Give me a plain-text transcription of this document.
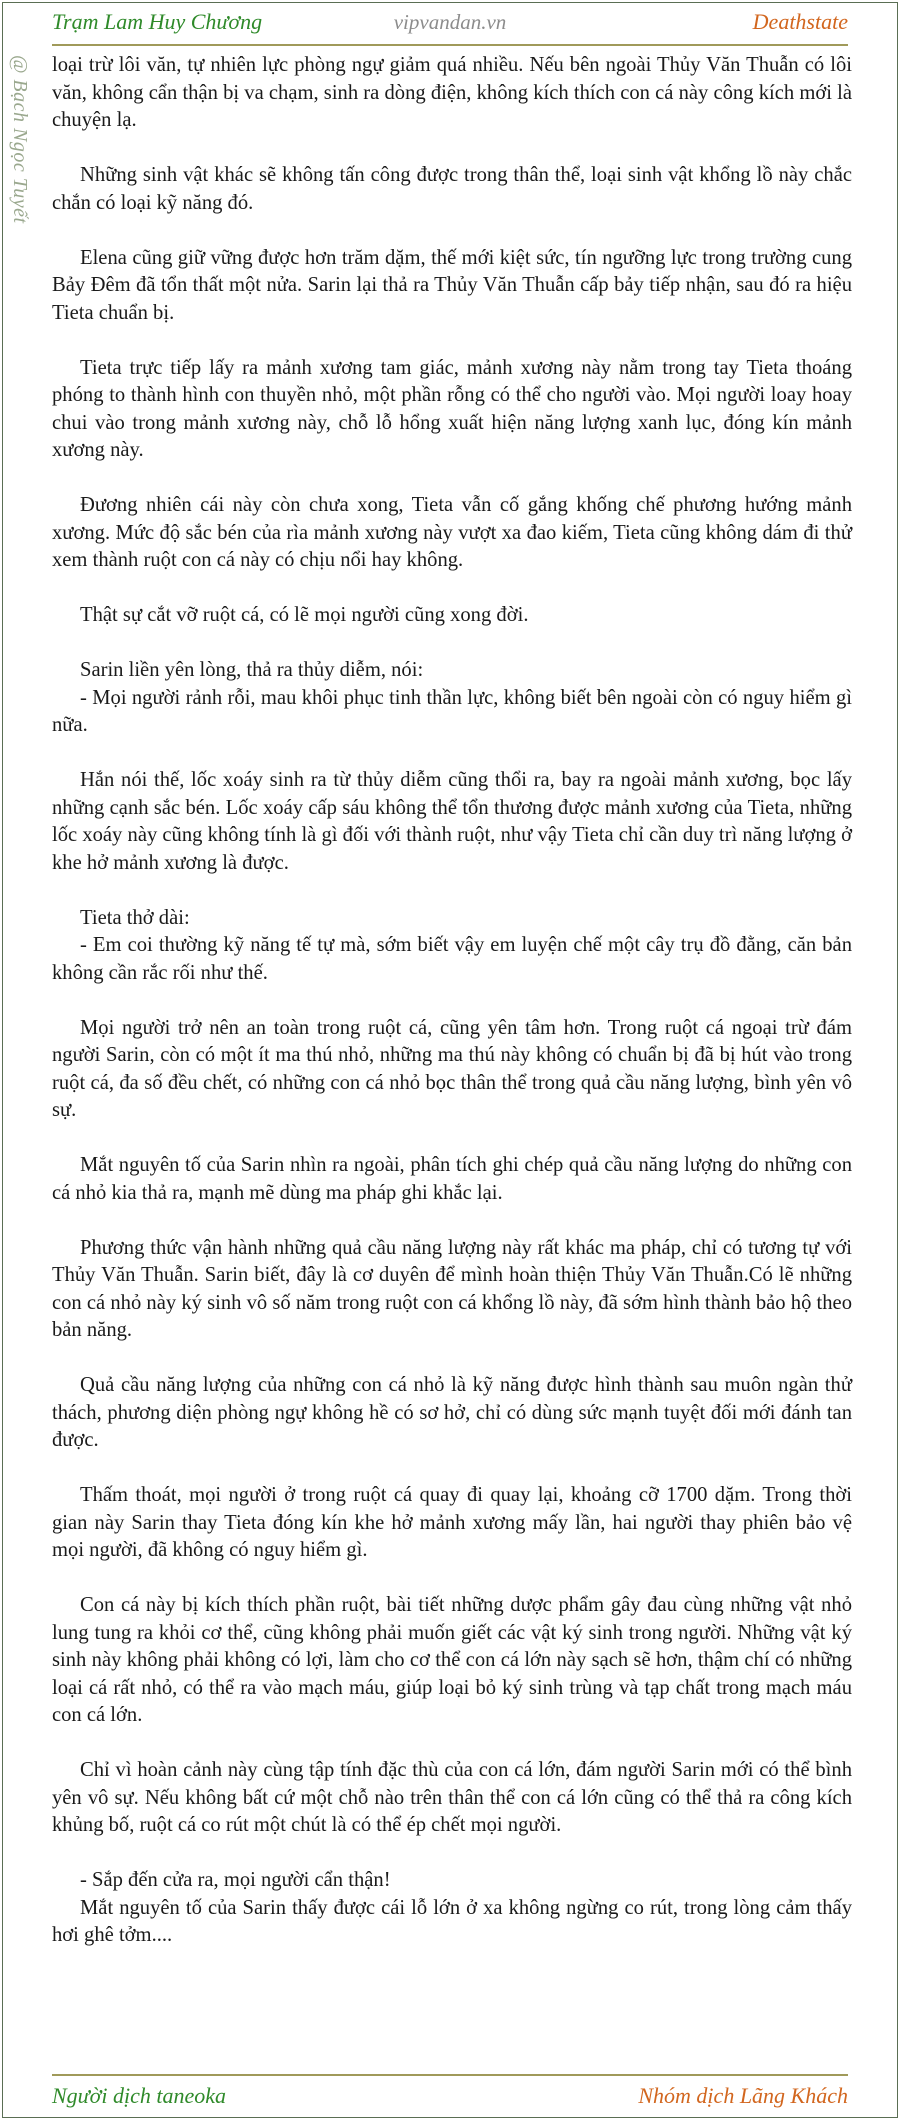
Trạm Lam Huy Chương	vipvandan.vn	Deathstate
@ Bạch Ngọc Tuyết loại trừ lôi văn, tự nhiên lực phòng ngự giảm quá nhiều. Nếu bên ngoài Thủy Văn Thuẫn có lôi văn, không cẩn thận bị va chạm, sinh ra dòng điện, không kích thích con cá này công kích mới là chuyện lạ.

Những sinh vật khác sẽ không tấn công được trong thân thể, loại sinh vật khổng lồ này chắc chắn có loại kỹ năng đó.

Elena cũng giữ vững được hơn trăm dặm, thế mới kiệt sức, tín ngưỡng lực trong trường cung Bảy Đêm đã tổn thất một nửa. Sarin lại thả ra Thủy Văn Thuẫn cấp bảy tiếp nhận, sau đó ra hiệu Tieta chuẩn bị.

Tieta trực tiếp lấy ra mảnh xương tam giác, mảnh xương này nằm trong tay Tieta thoáng phóng to thành hình con thuyền nhỏ, một phần rỗng có thể cho người vào. Mọi người loay hoay chui vào trong mảnh xương này, chỗ lỗ hổng xuất hiện năng lượng xanh lục, đóng kín mảnh xương này.

Đương nhiên cái này còn chưa xong, Tieta vẫn cố gắng khống chế phương hướng mảnh xương. Mức độ sắc bén của rìa mảnh xương này vượt xa đao kiếm, Tieta cũng không dám đi thử xem thành ruột con cá này có chịu nổi hay không.

Thật sự cắt vỡ ruột cá, có lẽ mọi người cũng xong đời.

Sarin liền yên lòng, thả ra thủy diễm, nói:

- Mọi người rảnh rỗi, mau khôi phục tinh thần lực, không biết bên ngoài còn có nguy hiểm gì nữa.

Hắn nói thế, lốc xoáy sinh ra từ thủy diễm cũng thổi ra, bay ra ngoài mảnh xương, bọc lấy những cạnh sắc bén. Lốc xoáy cấp sáu không thể tổn thương được mảnh xương của Tieta, những lốc xoáy này cũng không tính là gì đối với thành ruột, như vậy Tieta chỉ cần duy trì năng lượng ở khe hở mảnh xương là được.

Tieta thở dài:

- Em coi thường kỹ năng tế tự mà, sớm biết vậy em luyện chế một cây trụ đồ đằng, căn bản không cần rắc rối như thế.

Mọi người trở nên an toàn trong ruột cá, cũng yên tâm hơn. Trong ruột cá ngoại trừ đám người Sarin, còn có một ít ma thú nhỏ, những ma thú này không có chuẩn bị đã bị hút vào trong ruột cá, đa số đều chết, có những con cá nhỏ bọc thân thể trong quả cầu năng lượng, bình yên vô sự.

Mắt nguyên tố của Sarin nhìn ra ngoài, phân tích ghi chép quả cầu năng lượng do những con cá nhỏ kia thả ra, mạnh mẽ dùng ma pháp ghi khắc lại.

Phương thức vận hành những quả cầu năng lượng này rất khác ma pháp, chỉ có tương tự với Thủy Văn Thuẫn. Sarin biết, đây là cơ duyên để mình hoàn thiện Thủy Văn Thuẫn.Có lẽ những con cá nhỏ này ký sinh vô số năm trong ruột con cá khổng lồ này, đã sớm hình thành bảo hộ theo bản năng.

Quả cầu năng lượng của những con cá nhỏ là kỹ năng được hình thành sau muôn ngàn thử thách, phương diện phòng ngự không hề có sơ hở, chỉ có dùng sức mạnh tuyệt đối mới đánh tan được.

Thấm thoát, mọi người ở trong ruột cá quay đi quay lại, khoảng cỡ 1700 dặm. Trong thời gian này Sarin thay Tieta đóng kín khe hở mảnh xương mấy lần, hai người thay phiên bảo vệ mọi người, đã không có nguy hiểm gì.

Con cá này bị kích thích phần ruột, bài tiết những dược phẩm gây đau cùng những vật nhỏ lung tung ra khỏi cơ thể, cũng không phải muốn giết các vật ký sinh trong người. Những vật ký sinh này không phải không có lợi, làm cho cơ thể con cá lớn này sạch sẽ hơn, thậm chí có những loại cá rất nhỏ, có thể ra vào mạch máu, giúp loại bỏ ký sinh trùng và tạp chất trong mạch máu con cá lớn.

Chỉ vì hoàn cảnh này cùng tập tính đặc thù của con cá lớn, đám người Sarin mới có thể bình yên vô sự. Nếu không bất cứ một chỗ nào trên thân thể con cá lớn cũng có thể thả ra công kích khủng bố, ruột cá co rút một chút là có thể ép chết mọi người.

- Sắp đến cửa ra, mọi người cẩn thận!

Mắt nguyên tố của Sarin thấy được cái lỗ lớn ở xa không ngừng co rút, trong lòng cảm thấy hơi ghê tởm....

Người dịch taneoka	Nhóm dịch Lãng Khách
